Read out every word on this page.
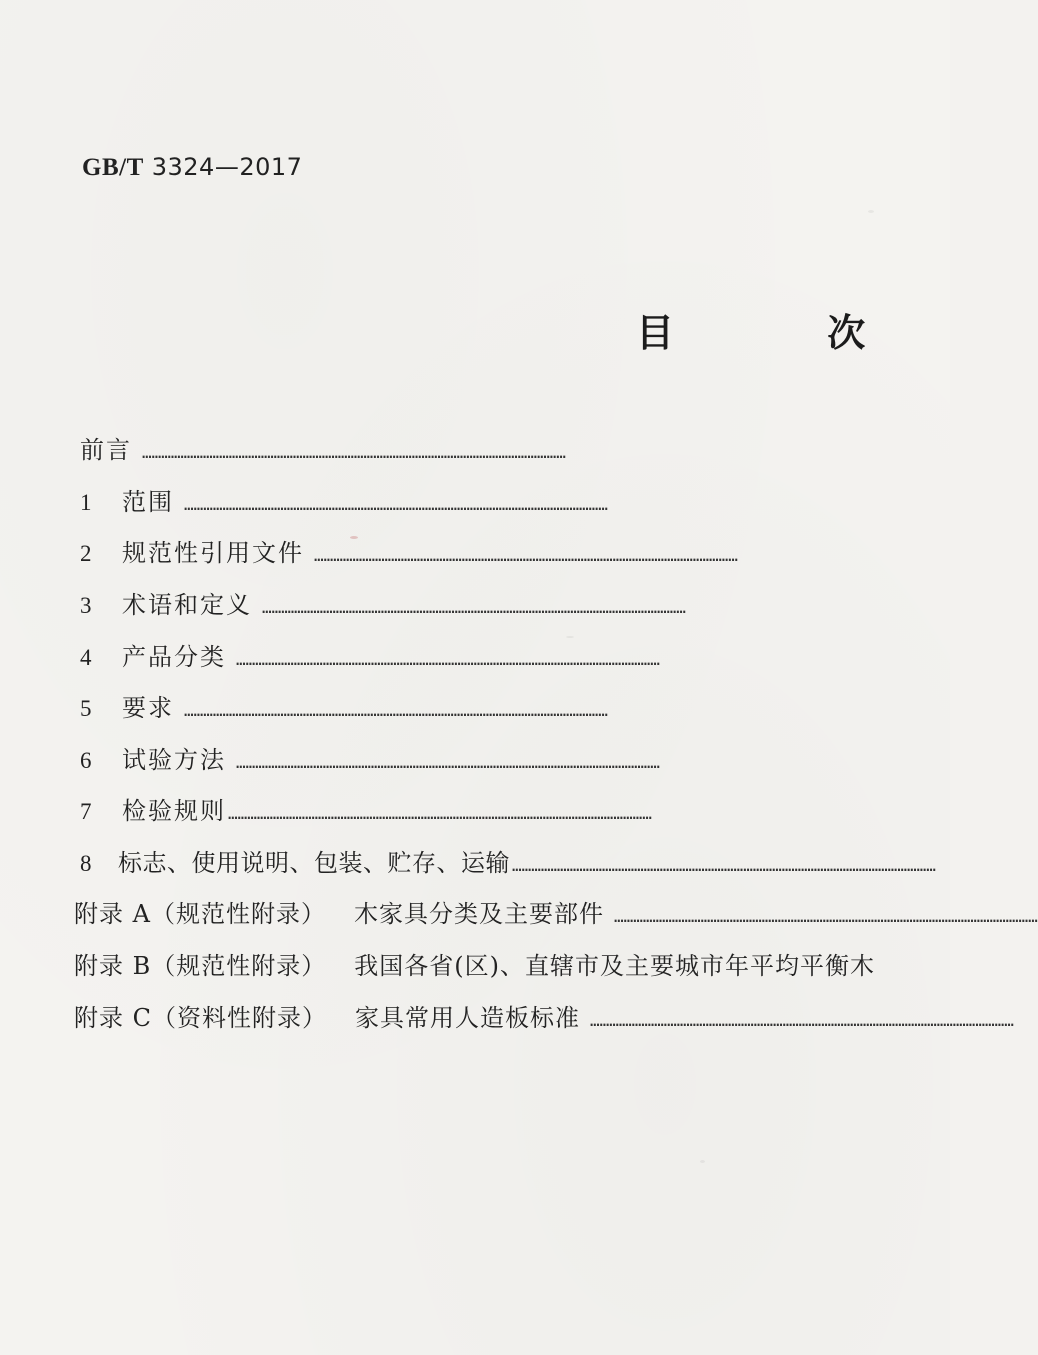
GB/T 3324—2017
目 次
前言 ……………………………………………………………………………………………………………………
1	范围 ……………………………………………………………………………………………………………………
2	规范性引用文件 ……………………………………………………………………………………………………………………
3	术语和定义 ……………………………………………………………………………………………………………………
4	产品分类 ……………………………………………………………………………………………………………………
5	要求 ……………………………………………………………………………………………………………………
6	试验方法 ……………………………………………………………………………………………………………………
7	检验规则 ……………………………………………………………………………………………………………………
8	标志、使用说明、包装、贮存、运输 ……………………………………………………………………………………………………………………
附录 A（规范性附录） 木家具分类及主要部件 ……………………………………………………………………………………………………………………
附录 B（规范性附录） 我国各省(区)、直辖市及主要城市年平均平衡木
附录 C（资料性附录） 家具常用人造板标准 ……………………………………………………………………………………………………………………
